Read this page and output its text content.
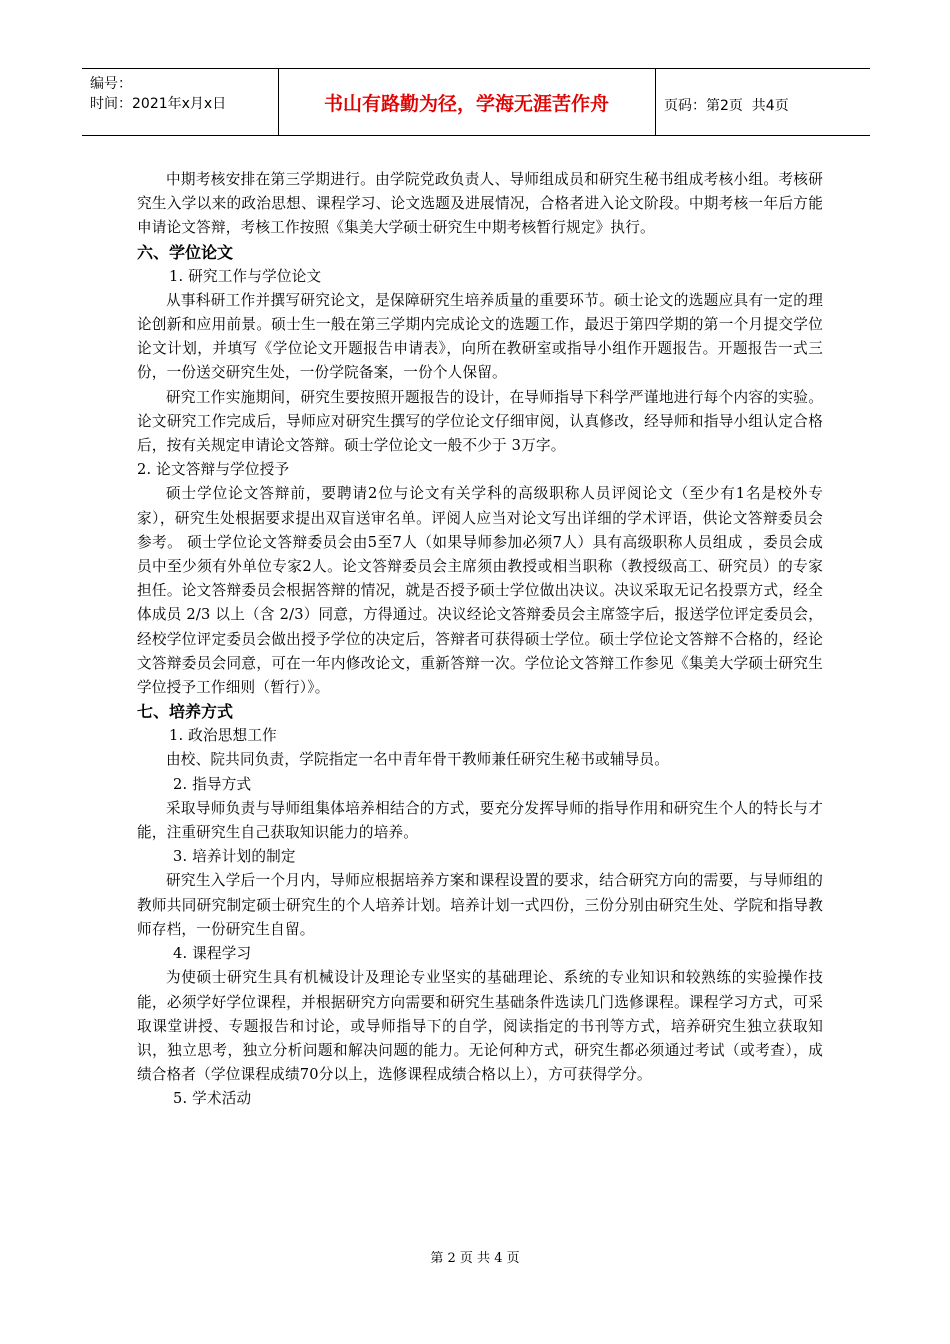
编号：
时间：2021年x月x日	书山有路勤为径，学海无涯苦作舟	页码：第2页  共4页

中期考核安排在第三学期进行。由学院党政负责人、导师组成员和研究生秘书组成考核小组。考核研究生入学以来的政治思想、课程学习、论文选题及进展情况，合格者进入论文阶段。中期考核一年后方能申请论文答辩，考核工作按照《集美大学硕士研究生中期考核暂行规定》执行。

六、学位论文

1. 研究工作与学位论文

从事科研工作并撰写研究论文，是保障研究生培养质量的重要环节。硕士论文的选题应具有一定的理论创新和应用前景。硕士生一般在第三学期内完成论文的选题工作，最迟于第四学期的第一个月提交学位论文计划，并填写《学位论文开题报告申请表》，向所在教研室或指导小组作开题报告。开题报告一式三份，一份送交研究生处，一份学院备案，一份个人保留。

研究工作实施期间，研究生要按照开题报告的设计，在导师指导下科学严谨地进行每个内容的实验。论文研究工作完成后，导师应对研究生撰写的学位论文仔细审阅，认真修改，经导师和指导小组认定合格后，按有关规定申请论文答辩。硕士学位论文一般不少于 3万字。

2. 论文答辩与学位授予

硕士学位论文答辩前，要聘请2位与论文有关学科的高级职称人员评阅论文（至少有1名是校外专家），研究生处根据要求提出双盲送审名单。评阅人应当对论文写出详细的学术评语，供论文答辩委员会参考。 硕士学位论文答辩委员会由5至7人（如果导师参加必须7人）具有高级职称人员组成 ，委员会成员中至少须有外单位专家2人。论文答辩委员会主席须由教授或相当职称（教授级高工、研究员）的专家担任。论文答辩委员会根据答辩的情况，就是否授予硕士学位做出决议。决议采取无记名投票方式，经全体成员 2/3 以上（含 2/3）同意，方得通过。决议经论文答辩委员会主席签字后，报送学位评定委员会，经校学位评定委员会做出授予学位的决定后，答辩者可获得硕士学位。硕士学位论文答辩不合格的，经论文答辩委员会同意，可在一年内修改论文，重新答辩一次。学位论文答辩工作参见《集美大学硕士研究生学位授予工作细则（暂行）》。

七、培养方式

1. 政治思想工作

由校、院共同负责，学院指定一名中青年骨干教师兼任研究生秘书或辅导员。

2. 指导方式

采取导师负责与导师组集体培养相结合的方式，要充分发挥导师的指导作用和研究生个人的特长与才能，注重研究生自己获取知识能力的培养。

3. 培养计划的制定

研究生入学后一个月内，导师应根据培养方案和课程设置的要求，结合研究方向的需要，与导师组的教师共同研究制定硕士研究生的个人培养计划。培养计划一式四份，三份分别由研究生处、学院和指导教师存档，一份研究生自留。

4. 课程学习

为使硕士研究生具有机械设计及理论专业坚实的基础理论、系统的专业知识和较熟练的实验操作技能，必须学好学位课程，并根据研究方向需要和研究生基础条件选读几门选修课程。课程学习方式，可采取课堂讲授、专题报告和讨论，或导师指导下的自学，阅读指定的书刊等方式，培养研究生独立获取知识，独立思考，独立分析问题和解决问题的能力。无论何种方式，研究生都必须通过考试（或考查），成绩合格者（学位课程成绩70分以上，选修课程成绩合格以上），方可获得学分。

5. 学术活动

第 2 页 共 4 页
